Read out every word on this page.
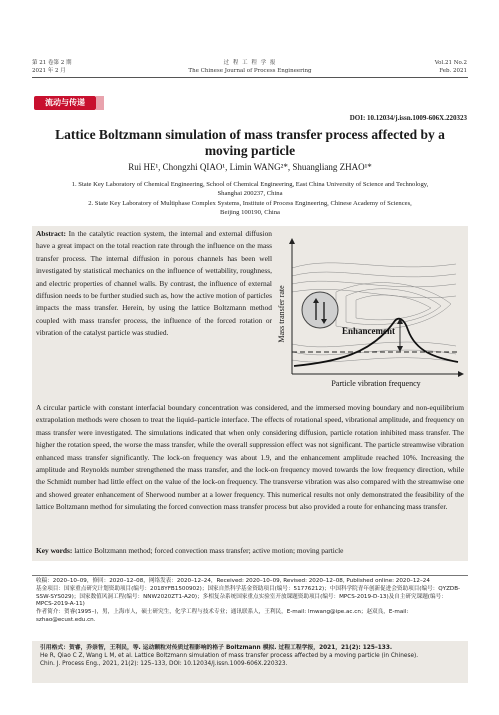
第 21 卷第 2 期
2021 年 2 月
过 程 工 程 学 报
The Chinese Journal of Process Engineering
Vol.21 No.2
Feb. 2021
流动与传递
DOI: 10.12034/j.issn.1009-606X.220323
Lattice Boltzmann simulation of mass transfer process affected by a
moving particle
Rui HE¹, Chongzhi QIAO¹, Limin WANG²*, Shuangliang ZHAO¹*
1. State Key Laboratory of Chemical Engineering, School of Chemical Engineering, East China University of Science and Technology,
Shanghai 200237, China
2. State Key Laboratory of Multiphase Complex Systems, Institute of Process Engineering, Chinese Academy of Sciences,
Beijing 100190, China
Abstract: In the catalytic reaction system, the internal and external diffusion have a great impact on the total reaction rate through the influence on the mass transfer process. The internal diffusion in porous channels has been well investigated by statistical mechanics on the influence of wettability, roughness, and electric properties of channel walls. By contrast, the influence of external diffusion needs to be further studied such as, how the active motion of particles impacts the mass transfer. Herein, by using the lattice Boltzmann method coupled with mass transfer process, the influence of the forced rotation or vibration of the catalyst particle was studied.	Enhancement
Mass transfer rate
Particle vibration frequency
A circular particle with constant interfacial boundary concentration was considered, and the immersed moving boundary and non-equilibrium extrapolation methods were chosen to treat the liquid–particle interface. The effects of rotational speed, vibrational amplitude, and frequency on mass transfer were investigated. The simulations indicated that when only considering diffusion, particle rotation inhibited mass transfer. The higher the rotation speed, the worse the mass transfer, while the overall suppression effect was not significant. The particle streamwise vibration enhanced mass transfer significantly. The lock-on frequency was about 1.9, and the enhancement amplitude reached 10%. Increasing the amplitude and Reynolds number strengthened the mass transfer, and the lock-on frequency moved towards the low frequency direction, while the Schmidt number had little effect on the value of the lock-on frequency. The transverse vibration was also compared with the streamwise one and showed greater enhancement of Sherwood number at a lower frequency. This numerical results not only demonstrated the feasibility of the lattice Boltzmann method for simulating the forced convection mass transfer process but also provided a route for enhancing mass transfer.
Key words: lattice Boltzmann method; forced convection mass transfer; active motion; moving particle
收稿：2020–10–09，修回：2020–12–08，网络发表：2020–12–24，Received: 2020–10–09, Revised: 2020–12–08, Published online: 2020–12–24
基金项目：国家重点研究计划资助项目(编号：2018YFB1500902)；国家自然科学基金资助项目(编号：51776212)；中国科学院青年创新促进会资助项目(编号：QYZDB-SSW-SYS029)；国家数值风洞工程(编号：NNW2020ZT1-A20)；多相复杂系统国家重点实验室开放课题资助项目(编号：MPCS-2019-D-13)及自主研究课题(编号：MPCS-2019-A-11)
作者简介：贺睿(1995–)，男，上海市人，硕士研究生，化学工程与技术专业；通讯联系人，王利民，E-mail: lmwang@ipe.ac.cn；赵双良，E-mail: szhao@ecust.edu.cn.
引用格式：贺睿，乔崇智，王利民，等. 运动颗粒对传质过程影响的格子 Boltzmann 模拟. 过程工程学报，2021，21(2): 125–133.
He R, Qiao C Z, Wang L M, et al. Lattice Boltzmann simulation of mass transfer process affected by a moving particle (in Chinese).
Chin. J. Process Eng., 2021, 21(2): 125–133, DOI: 10.12034/j.issn.1009-606X.220323.
